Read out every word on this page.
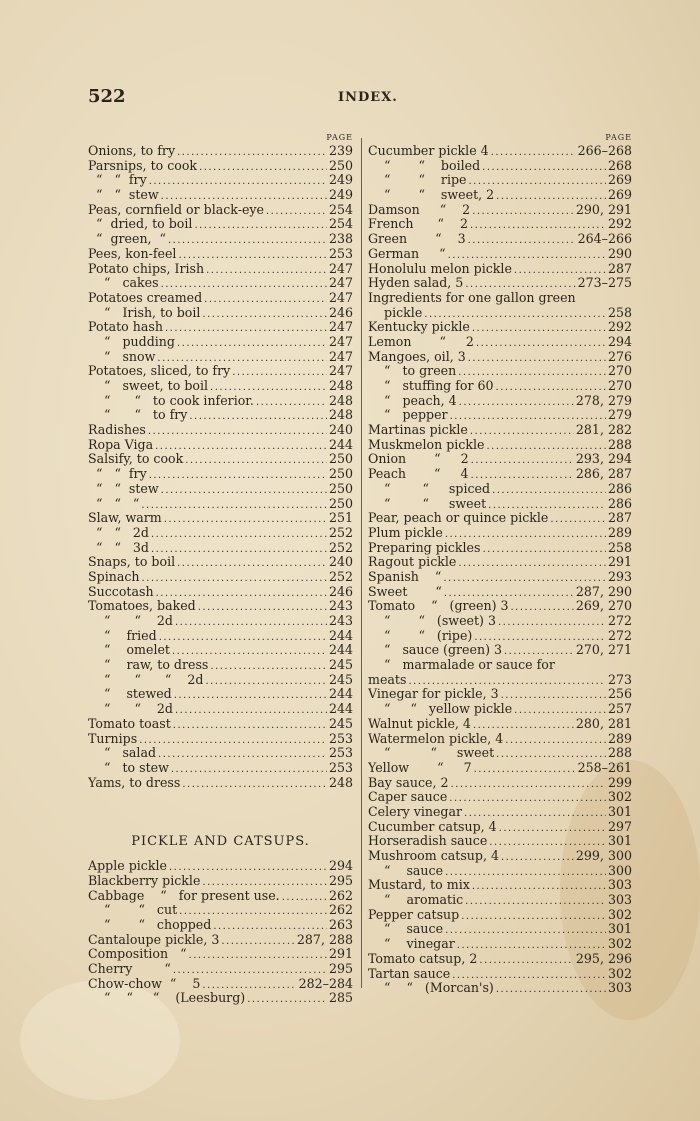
522	INDEX.
PAGE
Onions, to fry .....	239
Parsnips, to cook .....	250
“   “  fry .....	249
“   “  stew .....	249
Peas, cornfield or black-eye .....	254
“  dried, to boil .....	254
“  green,  “ .....	238
Pees, kon-feel .....	253
Potato chips, Irish .....	247
“   cakes .....	247
Potatoes creamed .....	247
“   Irish, to boil .....	246
Potato hash .....	247
“   pudding .....	247
“   snow .....	247
Potatoes, sliced, to fry .....	247
“   sweet, to boil .....	248
“      “   to cook inferior. .....	248
“      “   to fry .....	248
Radishes .....	240
Ropa Viga .....	244
Salsify, to cook .....	250
“   “  fry .....	250
“   “  stew .....	250
“   “   “ .....	250
Slaw, warm .....	251
“   “   2d .....	252
“   “   3d .....	252
Snaps, to boil .....	240
Spinach .....	252
Succotash .....	246
Tomatoes, baked .....	243
“      “    2d .....	243
“    fried .....	244
“    omelet .....	244
“    raw, to dress .....	245
“      “      “    2d .....	245
“    stewed .....	244
“      “    2d .....	244
Tomato toast .....	245
Turnips .....	253
“   salad .....	253
“   to stew .....	253
Yams, to dress .....	248
PICKLE AND CATSUPS.
Apple pickle .....	294
Blackberry pickle .....	295
Cabbage    “   for present use. .....	262
“       “   cut .....	262
“       “   chopped .....	263
Cantaloupe pickle, 3 .....	287, 288
Composition   “ .....	291
Cherry        “ .....	295
Chow-chow  “    5 .....	282–284
“    “     “    (Leesburg) .....	285
PAGE
Cucumber pickle 4 .....	266–268
“       “    boiled .....	268
“       “    ripe .....	269
“       “    sweet, 2 .....	269
Damson     “    2 .....	290, 291
French      “    2 .....	292
Green       “    3 .....	264–266
German     “ .....	290
Honolulu melon pickle .....	287
Hyden salad, 5 .....	273–275
Ingredients for one gallon green
pickle .....	258
Kentucky pickle .....	292
Lemon       “     2 .....	294
Mangoes, oil, 3 .....	276
“   to green .....	270
“   stuffing for 60 .....	270
“   peach, 4 .....	278, 279
“   pepper .....	279
Martinas pickle .....	281, 282
Muskmelon pickle .....	288
Onion       “     2 .....	293, 294
Peach       “     4 .....	286, 287
“        “     spiced .....	286
“        “     sweet .....	286
Pear, peach or quince pickle .....	287
Plum pickle .....	289
Preparing pickles .....	258
Ragout pickle .....	291
Spanish    “ .....	293
Sweet       “ .....	287, 290
Tomato    “   (green) 3 .....	269, 270
“       “   (sweet) 3 .....	272
“       “   (ripe) .....	272
“   sauce (green) 3 .....	270, 271
“   marmalade or sauce for
meats .....	273
Vinegar for pickle, 3 .....	256
“     “   yellow pickle .....	257
Walnut pickle, 4 .....	280, 281
Watermelon pickle, 4 .....	289
“          “     sweet .....	288
Yellow       “     7 .....	258–261
Bay sauce, 2 .....	299
Caper sauce .....	302
Celery vinegar .....	301
Cucumber catsup, 4 .....	297
Horseradish sauce .....	301
Mushroom catsup, 4 .....	299, 300
“    sauce .....	300
Mustard, to mix .....	303
“    aromatic .....	303
Pepper catsup .....	302
“    sauce .....	301
“    vinegar .....	302
Tomato catsup, 2 .....	295, 296
Tartan sauce .....	302
“    “   (Morcan's) .....	303
